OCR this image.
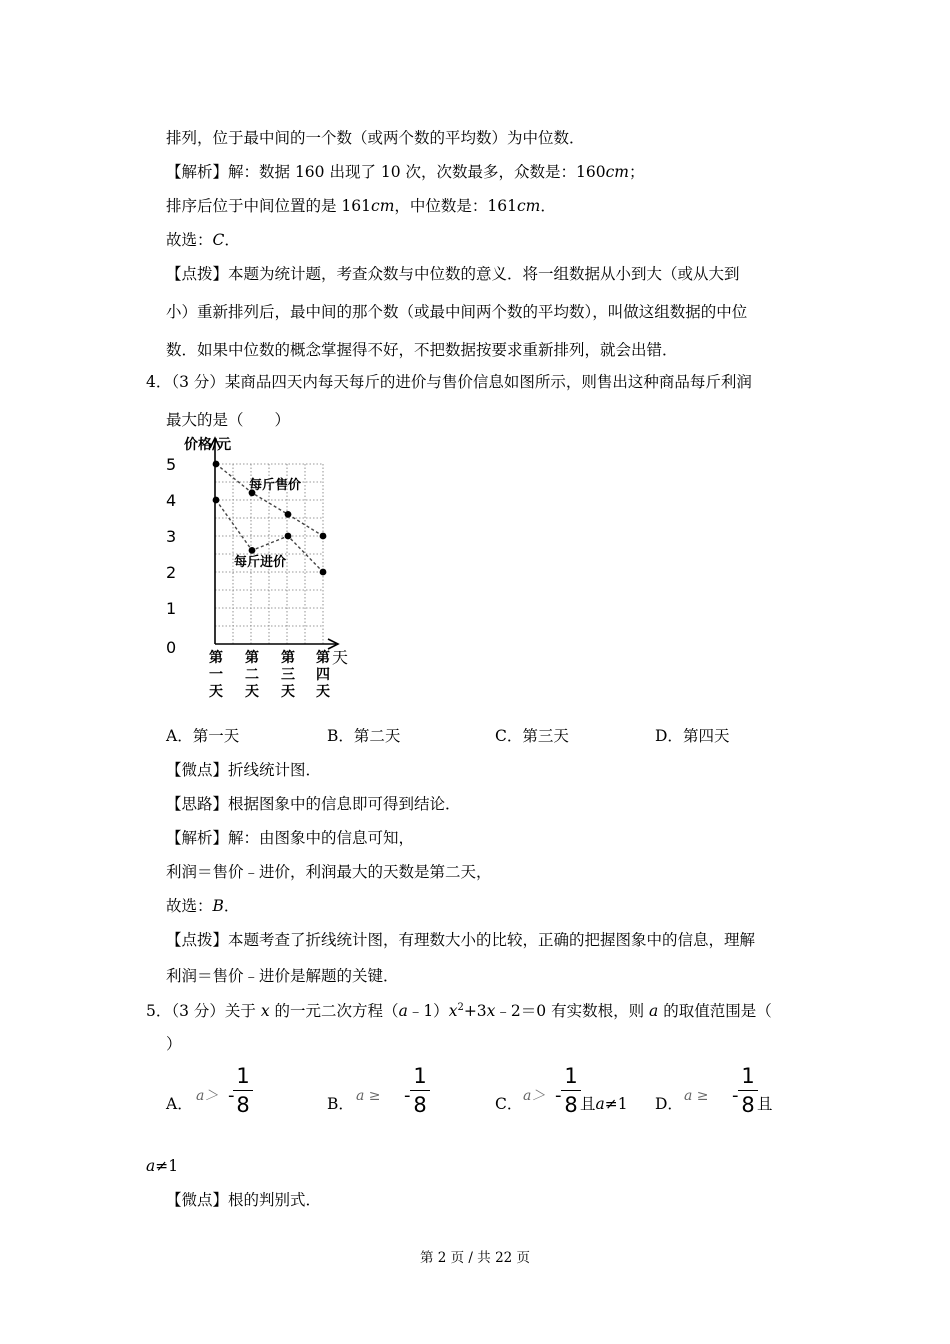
排列，位于最中间的一个数（或两个数的平均数）为中位数．
【解析】解：数据 160 出现了 10 次，次数最多，众数是：160cm；
排序后位于中间位置的是 161cm，中位数是：161cm．
故选：C．
【点拨】本题为统计题，考查众数与中位数的意义．将一组数据从小到大（或从大到
小）重新排列后，最中间的那个数（或最中间两个数的平均数），叫做这组数据的中位
数．如果中位数的概念掌握得不好，不把数据按要求重新排列，就会出错．
4．（3 分）某商品四天内每天每斤的进价与售价信息如图所示，则售出这种商品每斤利润
最大的是（　　）
价格/元
天
0
1
2
3
4
5
第
一
天
第
二
天
第
三
天
第
四
天
每斤售价
每斤进价
A．第一天	B．第二天	C．第三天	D．第四天
【微点】折线统计图．
【思路】根据图象中的信息即可得到结论．
【解析】解：由图象中的信息可知，
利润＝售价﹣进价，利润最大的天数是第二天，
故选：B．
【点拨】本题考查了折线统计图，有理数大小的比较，正确的把握图象中的信息，理解
利润＝售价﹣进价是解题的关键．
5．（3 分）关于 x 的一元二次方程$(a﹣1)x^2+3x﹣2=0$ 有实数根，则 a 的取值范围是（
）
A． a＞ -
1
8	B． a ≥ -
1
8	C． a＞ -
1
8 且a≠1 D． a ≥ -
1
8 且
a≠1
【微点】根的判别式．
第 2 页 / 共 22 页
